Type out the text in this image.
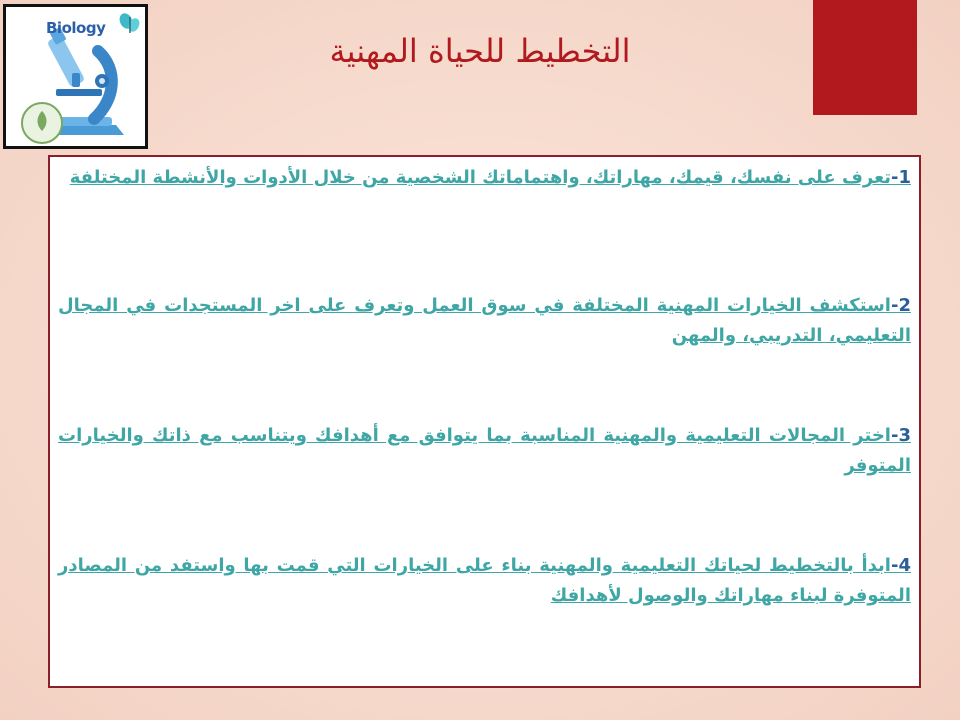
Biology
التخطيط للحياة المهنية
1-تعرف على نفسك، قيمك، مهاراتك، واهتماماتك الشخصية من خلال الأدوات والأنشطة المختلفة
2-استكشف الخيارات المهنية المختلفة في سوق العمل وتعرف على اخر المستجدات في المجال التعليمي، التدريبي، والمهن
3-اختر المجالات التعليمية والمهنية المناسبة بما يتوافق مع أهدافك ويتناسب مع ذاتك والخيارات المتوفر
4-ابدأ بالتخطيط لحياتك التعليمية والمهنية بناء على الخيارات التي قمت بها واستفد من المصادر المتوفرة لبناء مهاراتك والوصول لأهدافك
